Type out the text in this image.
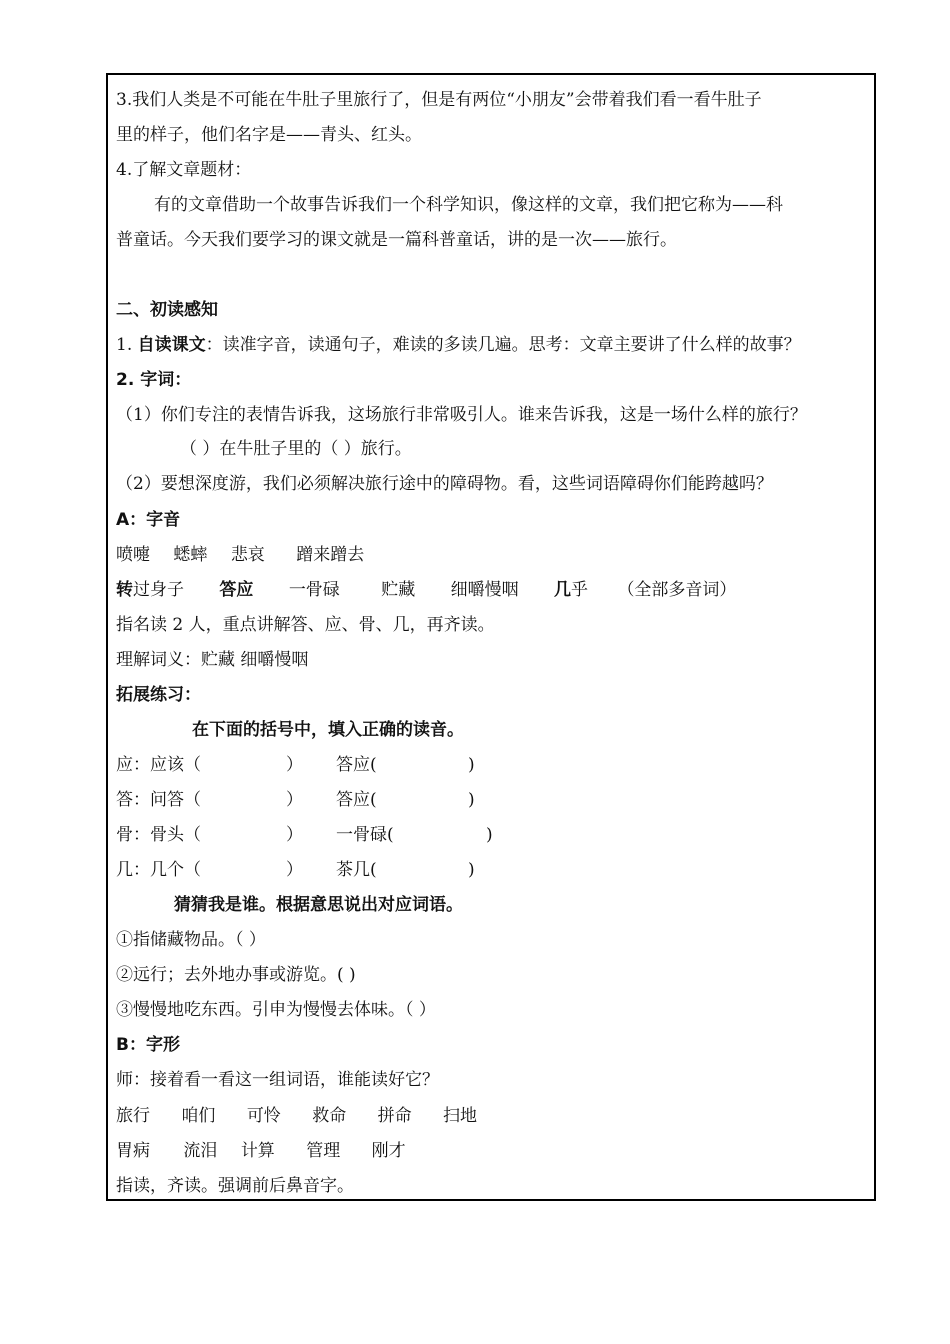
3.我们人类是不可能在牛肚子里旅行了，但是有两位“小朋友”会带着我们看一看牛肚子
里的样子，他们名字是——青头、红头。
4.了解文章题材：
有的文章借助一个故事告诉我们一个科学知识，像这样的文章，我们把它称为——科
普童话。今天我们要学习的课文就是一篇科普童话，讲的是一次——旅行。
二、初读感知
1. 自读课文：读准字音，读通句子，难读的多读几遍。思考：文章主要讲了什么样的故事？
2. 字词：
（1）你们专注的表情告诉我，这场旅行非常吸引人。谁来告诉我，这是一场什么样的旅行？
（ ）在牛肚子里的（ ）旅行。
（2）要想深度游，我们必须解决旅行途中的障碍物。看，这些词语障碍你们能跨越吗？
A：字音
喷嚏 蟋蟀 悲哀 蹭来蹭去
转过身子 答应 一骨碌 贮藏 细嚼慢咽 几乎 （全部多音词）
指名读 2 人，重点讲解答、应、骨、几，再齐读。
理解词义：贮藏 细嚼慢咽
拓展练习：
在下面的括号中，填入正确的读音。
应：应该（	） 答应(	)
答：问答（	） 答应(	)
骨：骨头（	） 一骨碌(	)
几：几个（	） 茶几(	)
猜猜我是谁。根据意思说出对应词语。
①指储藏物品。（ ）
②远行；去外地办事或游览。( )
③慢慢地吃东西。引申为慢慢去体味。（ ）
B：字形
师：接着看一看这一组词语，谁能读好它？
旅行 咱们 可怜 救命 拼命 扫地
胃病 流泪 计算 管理 刚才
指读，齐读。强调前后鼻音字。
